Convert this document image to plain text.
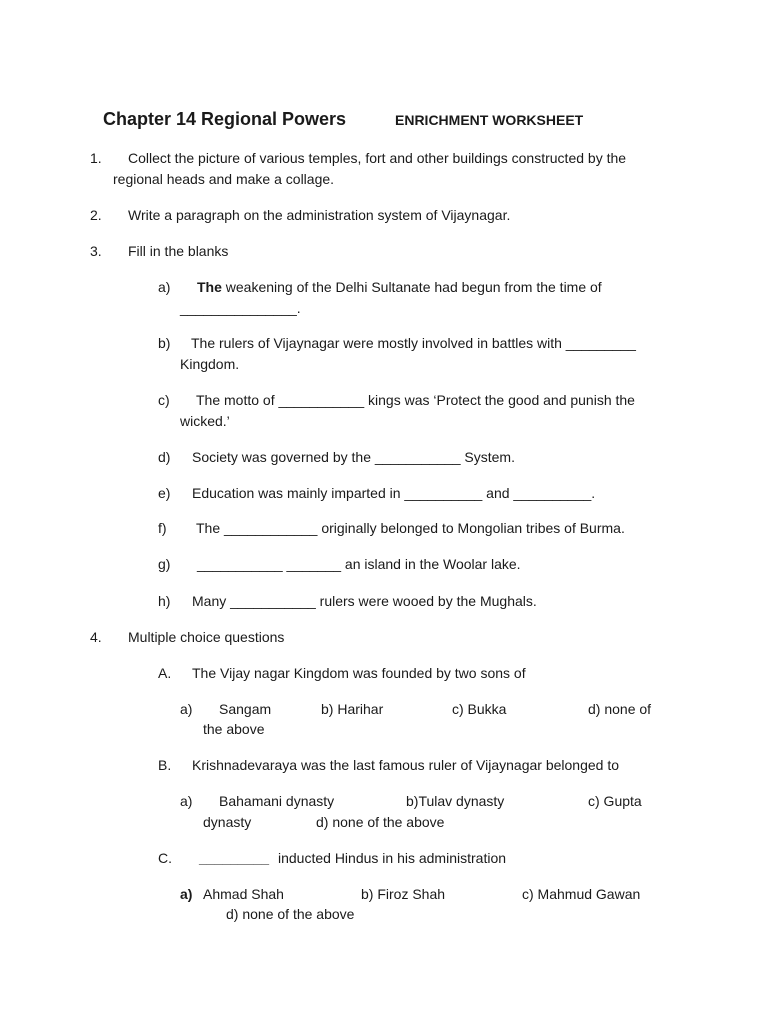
Chapter 14 Regional Powers	ENRICHMENT WORKSHEET
1. Collect the picture of various temples, fort and other buildings constructed by the
regional heads and make a collage.
2. Write a paragraph on the administration system of Vijaynagar.
3. Fill in the blanks
a) The weakening of the Delhi Sultanate had begun from the time of
_______________.
b) The rulers of Vijaynagar were mostly involved in battles with _________
Kingdom.
c) The motto of ___________ kings was ‘Protect the good and punish the
wicked.’
d) Society was governed by the ___________ System.
e) Education was mainly imparted in __________ and __________.
f) The ____________ originally belonged to Mongolian tribes of Burma.
g) ___________ _______ an island in the Woolar lake.
h) Many ___________ rulers were wooed by the Mughals.
4. Multiple choice questions
A. The Vijay nagar Kingdom was founded by two sons of
a) Sangam	b) Harihar	c) Bukka	d) none of
the above
B. Krishnadevaraya was the last famous ruler of Vijaynagar belonged to
a) Bahamani dynasty	b)Tulav dynasty	c) Gupta
dynasty	d) none of the above
C. _________ inducted Hindus in his administration
a) Ahmad Shah	b) Firoz Shah	c) Mahmud Gawan
d) none of the above
